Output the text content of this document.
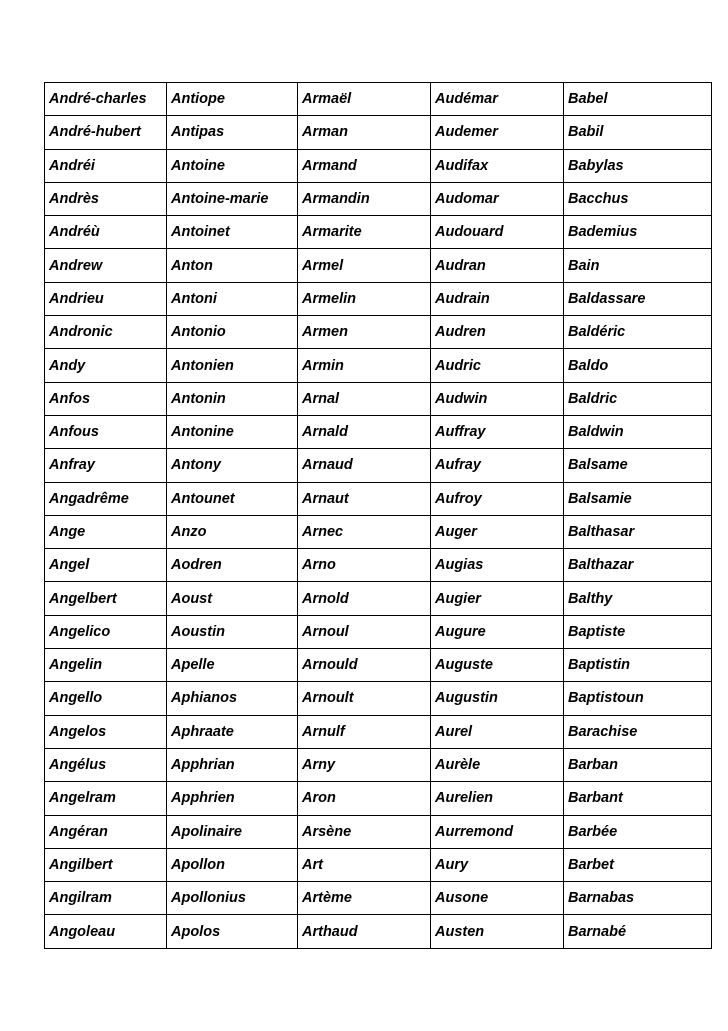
André-charles	Antiope	Armaël	Audémar	Babel
André-hubert	Antipas	Arman	Audemer	Babil
Andréi	Antoine	Armand	Audifax	Babylas
Andrès	Antoine-marie	Armandin	Audomar	Bacchus
Andréù	Antoinet	Armarite	Audouard	Bademius
Andrew	Anton	Armel	Audran	Bain
Andrieu	Antoni	Armelin	Audrain	Baldassare
Andronic	Antonio	Armen	Audren	Baldéric
Andy	Antonien	Armin	Audric	Baldo
Anfos	Antonin	Arnal	Audwin	Baldric
Anfous	Antonine	Arnald	Auffray	Baldwin
Anfray	Antony	Arnaud	Aufray	Balsame
Angadrême	Antounet	Arnaut	Aufroy	Balsamie
Ange	Anzo	Arnec	Auger	Balthasar
Angel	Aodren	Arno	Augias	Balthazar
Angelbert	Aoust	Arnold	Augier	Balthy
Angelico	Aoustin	Arnoul	Augure	Baptiste
Angelin	Apelle	Arnould	Auguste	Baptistin
Angello	Aphianos	Arnoult	Augustin	Baptistoun
Angelos	Aphraate	Arnulf	Aurel	Barachise
Angélus	Apphrian	Arny	Aurèle	Barban
Angelram	Apphrien	Aron	Aurelien	Barbant
Angéran	Apolinaire	Arsène	Aurremond	Barbée
Angilbert	Apollon	Art	Aury	Barbet
Angilram	Apollonius	Artème	Ausone	Barnabas
Angoleau	Apolos	Arthaud	Austen	Barnabé
